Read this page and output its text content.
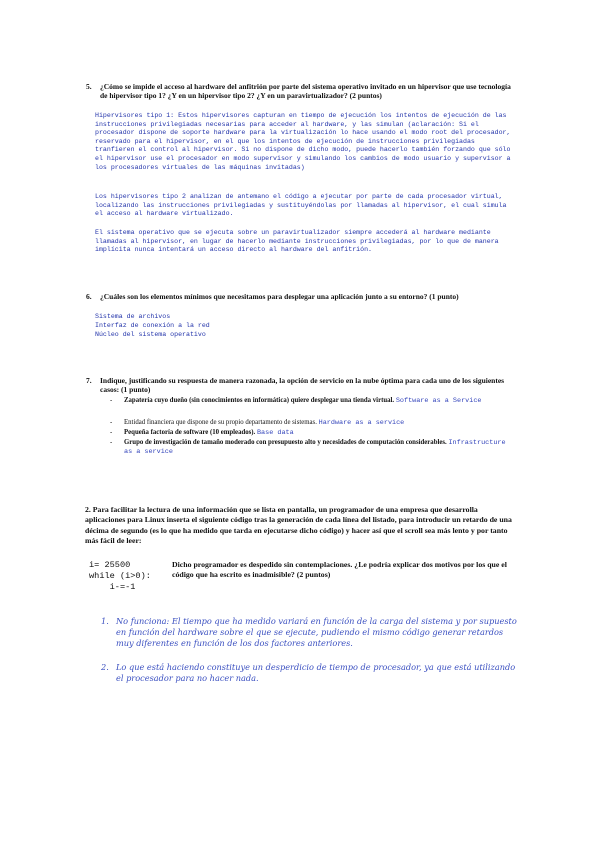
5. ¿Cómo se impide el acceso al hardware del anfitrión por parte del sistema operativo invitado en un hipervisor que use tecnología de hipervisor tipo 1? ¿Y en un hipervisor tipo 2? ¿Y en un paravirtualizador? (2 puntos)
Hipervisores tipo 1: Estos hipervisores capturan en tiempo de ejecución los intentos de ejecución de las instrucciones privilegiadas necesarias para acceder al hardware, y las simulan (aclaración: Si el procesador dispone de soporte hardware para la virtualización lo hace usando el modo root del procesador, reservado para el hipervisor, en el que los intentos de ejecución de instrucciones privilegiadas tranfieren el control al hipervisor. Si no dispone de dicho modo, puede hacerlo también forzando que sólo el hipervisor use el procesador en modo supervisor y simulando los cambios de modo usuario y supervisor a los procesadores virtuales de las máquinas invitadas)
Los hipervisores tipo 2 analizan de antemano el código a ejecutar por parte de cada procesador virtual, localizando las instrucciones privilegiadas y sustituyéndolas por llamadas al hipervisor, el cual simula el acceso al hardware virtualizado.
El sistema operativo que se ejecuta sobre un paravirtualizador siempre accederá al hardware mediante llamadas al hipervisor, en lugar de hacerlo mediante instrucciones privilegiadas, por lo que de manera implícita nunca intentará un acceso directo al hardware del anfitrión.
6. ¿Cuáles son los elementos mínimos que necesitamos para desplegar una aplicación junto a su entorno? (1 punto)
Sistema de archivos
Interfaz de conexión a la red
Núcleo del sistema operativo
7. Indique, justificando su respuesta de manera razonada, la opción de servicio en la nube óptima para cada uno de los siguientes casos: (1 punto)
- Zapatería cuyo dueño (sin conocimientos en informática) quiere desplegar una tienda virtual. Software as a Service
- Entidad financiera que dispone de su propio departamento de sistemas. Hardware as a service
- Pequeña factoría de software (10 empleados). Base data
- Grupo de investigación de tamaño moderado con presupuesto alto y necesidades de computación considerables. Infrastructure as a service
2. Para facilitar la lectura de una información que se lista en pantalla, un programador de una empresa que desarrolla aplicaciones para Linux inserta el siguiente código tras la generación de cada línea del listado, para introducir un retardo de una décima de segundo (es lo que ha medido que tarda en ejecutarse dicho código) y hacer así que el scroll sea más lento y por tanto más fácil de leer:
i= 25500
while (i>0):
i-=-1
Dicho programador es despedido sin contemplaciones. ¿Le podría explicar dos motivos por los que el código que ha escrito es inadmisible? (2 puntos)
1. No funciona: El tiempo que ha medido variará en función de la carga del sistema y por supuesto en función del hardware sobre el que se ejecute, pudiendo el mismo código generar retardos muy diferentes en función de los dos factores anteriores.
2. Lo que está haciendo constituye un desperdicio de tiempo de procesador, ya que está utilizando el procesador para no hacer nada.
